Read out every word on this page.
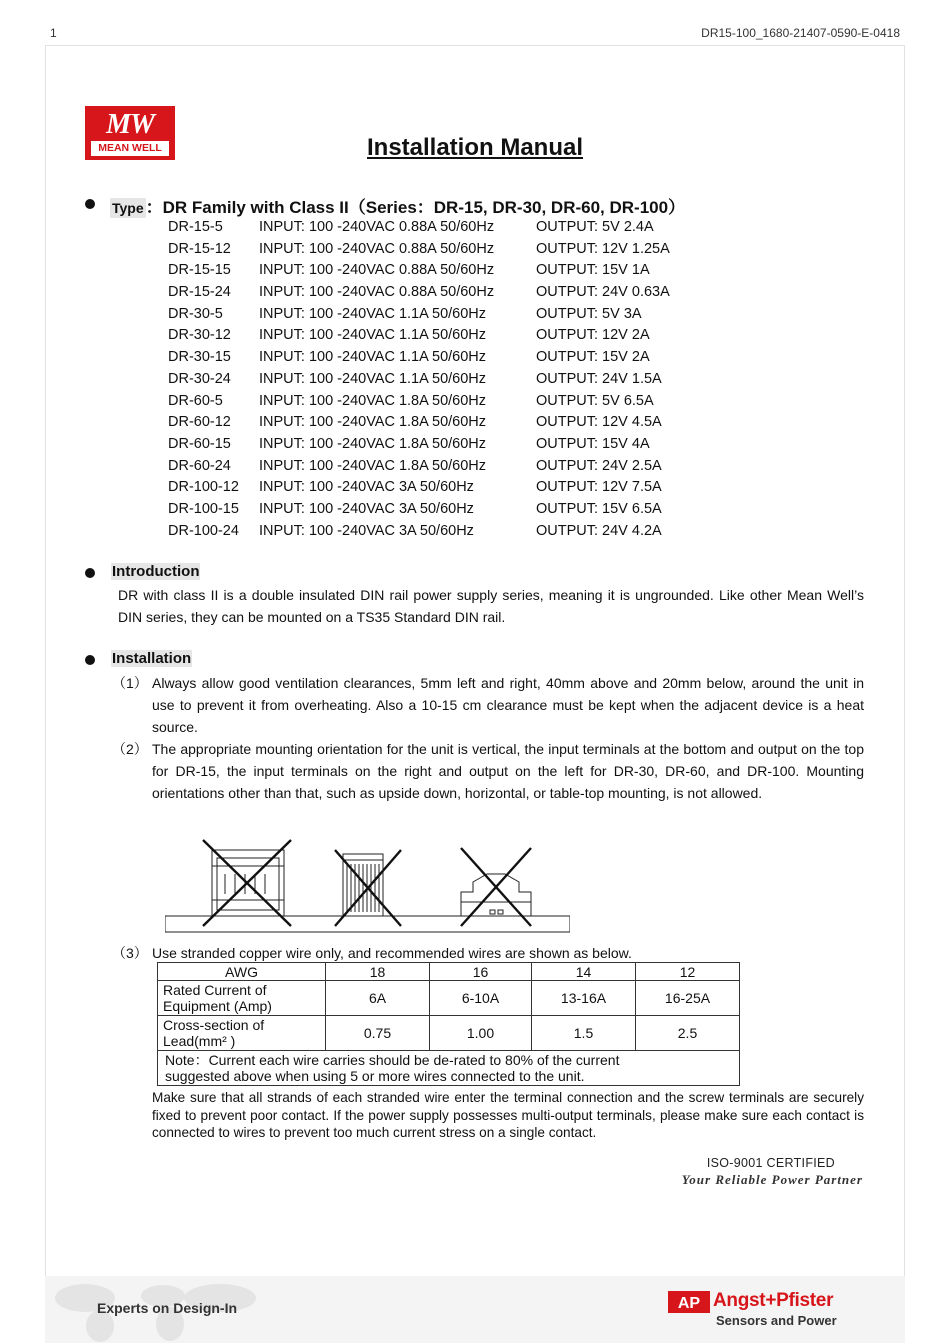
1	DR15-100_1680-21407-0590-E-0418
MW
MEAN WELL	Installation Manual
Type ：DR Family with Class II（Series：DR-15, DR-30, DR-60, DR-100）
DR-15-5 INPUT: 100 -240VAC 0.88A 50/60Hz	OUTPUT: 5V 2.4A
DR-15-12 INPUT: 100 -240VAC 0.88A 50/60Hz	OUTPUT: 12V 1.25A
DR-15-15 INPUT: 100 -240VAC 0.88A 50/60Hz	OUTPUT: 15V 1A
DR-15-24 INPUT: 100 -240VAC 0.88A 50/60Hz	OUTPUT: 24V 0.63A
DR-30-5 INPUT: 100 -240VAC 1.1A 50/60Hz	OUTPUT: 5V 3A
DR-30-12 INPUT: 100 -240VAC 1.1A 50/60Hz	OUTPUT: 12V 2A
DR-30-15 INPUT: 100 -240VAC 1.1A 50/60Hz	OUTPUT: 15V 2A
DR-30-24 INPUT: 100 -240VAC 1.1A 50/60Hz	OUTPUT: 24V 1.5A
DR-60-5 INPUT: 100 -240VAC 1.8A 50/60Hz	OUTPUT: 5V 6.5A
DR-60-12 INPUT: 100 -240VAC 1.8A 50/60Hz	OUTPUT: 12V 4.5A
DR-60-15 INPUT: 100 -240VAC 1.8A 50/60Hz	OUTPUT: 15V 4A
DR-60-24 INPUT: 100 -240VAC 1.8A 50/60Hz	OUTPUT: 24V 2.5A
DR-100-12 INPUT: 100 -240VAC 3A 50/60Hz	OUTPUT: 12V 7.5A
DR-100-15 INPUT: 100 -240VAC 3A 50/60Hz	OUTPUT: 15V 6.5A
DR-100-24 INPUT: 100 -240VAC 3A 50/60Hz	OUTPUT: 24V 4.2A
Introduction
DR with class II is a double insulated DIN rail power supply series, meaning it is ungrounded. Like other Mean Well’s DIN series, they can be mounted on a TS35 Standard DIN rail.
Installation
（1） Always allow good ventilation clearances, 5mm left and right, 40mm above and 20mm below, around the unit in use to prevent it from overheating. Also a 10-15 cm clearance must be kept when the adjacent device is a heat source.
（2） The appropriate mounting orientation for the unit is vertical, the input terminals at the bottom and output on the top for DR-15, the input terminals on the right and output on the left for DR-30, DR-60, and DR-100. Mounting orientations other than that, such as upside down, horizontal, or table-top mounting, is not allowed.
（3） Use stranded copper wire only, and recommended wires are shown as below.
AWG	18	16	14	12
Rated Current of Equipment (Amp)	6A	6-10A	13-16A	16-25A
Cross-section of Lead(mm² )	0.75	1.00	1.5	2.5
Note：Current each wire carries should be de-rated to 80% of the current suggested above when using 5 or more wires connected to the unit.				
Make sure that all strands of each stranded wire enter the terminal connection and the screw terminals are securely fixed to prevent poor contact. If the power supply possesses multi-output terminals, please make sure each contact is connected to wires to prevent too much current stress on a single contact.
ISO-9001 CERTIFIED
Your Reliable Power Partner
Experts on Design-In	AP Angst+Pfister
Sensors and Power
